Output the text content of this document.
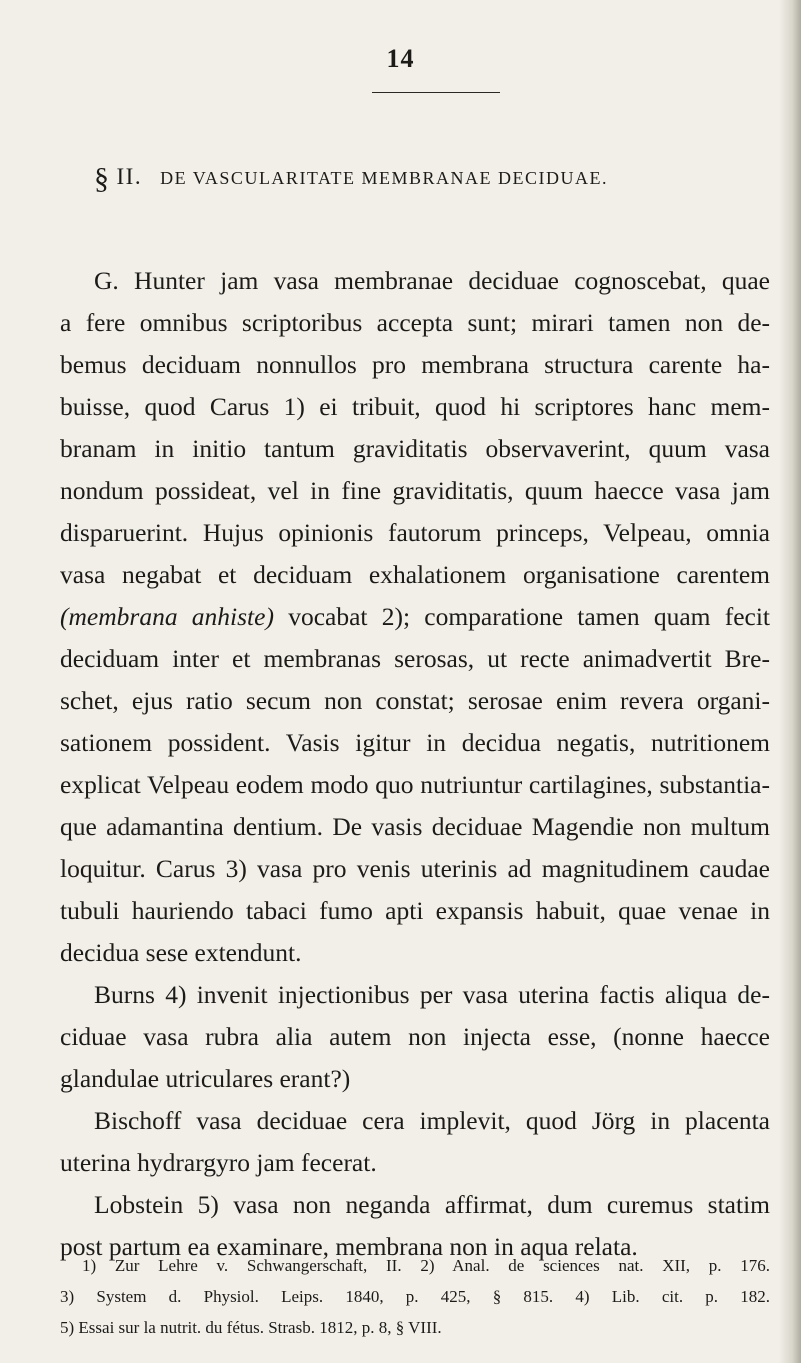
14
§ II. DE VASCULARITATE MEMBRANAE DECIDUAE.
G. Hunter jam vasa membranae deciduae cognoscebat, quae
a fere omnibus scriptoribus accepta sunt; mirari tamen non de-
bemus deciduam nonnullos pro membrana structura carente ha-
buisse, quod Carus 1) ei tribuit, quod hi scriptores hanc mem-
branam in initio tantum graviditatis observaverint, quum vasa
nondum possideat, vel in fine graviditatis, quum haecce vasa jam
disparuerint. Hujus opinionis fautorum princeps, Velpeau, omnia
vasa negabat et deciduam exhalationem organisatione carentem
(membrana anhiste) vocabat 2); comparatione tamen quam fecit
deciduam inter et membranas serosas, ut recte animadvertit Bre-
schet, ejus ratio secum non constat; serosae enim revera organi-
sationem possident. Vasis igitur in decidua negatis, nutritionem
explicat Velpeau eodem modo quo nutriuntur cartilagines, substantia-
que adamantina dentium. De vasis deciduae Magendie non multum
loquitur. Carus 3) vasa pro venis uterinis ad magnitudinem caudae
tubuli hauriendo tabaci fumo apti expansis habuit, quae venae in
decidua sese extendunt.
Burns 4) invenit injectionibus per vasa uterina factis aliqua de-
ciduae vasa rubra alia autem non injecta esse, (nonne haecce
glandulae utriculares erant?)
Bischoff vasa deciduae cera implevit, quod Jörg in placenta
uterina hydrargyro jam fecerat.
Lobstein 5) vasa non neganda affirmat, dum curemus statim
post partum ea examinare, membrana non in aqua relata.
1) Zur Lehre v. Schwangerschaft, II. 2) Anal. de sciences nat. XII, p. 176.
3) System d. Physiol. Leips. 1840, p. 425, § 815. 4) Lib. cit. p. 182.
5) Essai sur la nutrit. du fétus. Strasb. 1812, p. 8, § VIII.
